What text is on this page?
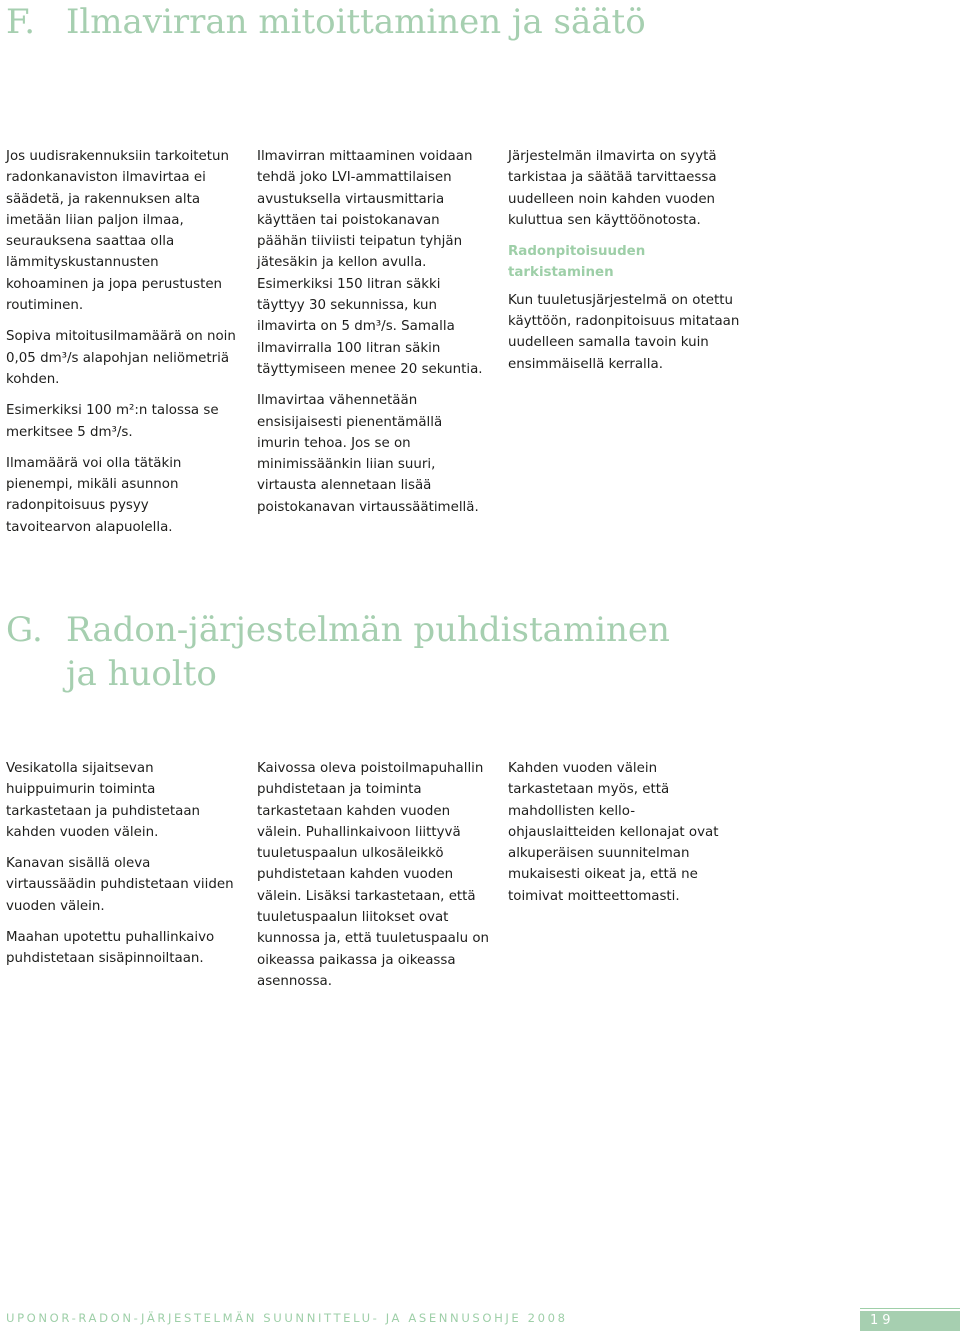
F. Ilmavirran mitoittaminen ja säätö

Jos uudisrakennuksiin tarkoitetun radonkanaviston ilmavirtaa ei säädetä, ja rakennuksen alta imetään liian paljon ilmaa, seurauksena saattaa olla lämmityskustannusten kohoaminen ja jopa perustusten routiminen.

Sopiva mitoitusilmamäärä on noin 0,05 dm³/s alapohjan neliömetriä kohden.

Esimerkiksi 100 m²:n talossa se merkitsee 5 dm³/s.

Ilmamäärä voi olla tätäkin pienempi, mikäli asunnon radonpitoisuus pysyy tavoitearvon alapuolella.

Ilmavirran mittaaminen voidaan tehdä joko LVI-ammattilaisen avustuksella virtausmittaria käyttäen tai poistokanavan päähän tiiviisti teipatun tyhjän jätesäkin ja kellon avulla. Esimerkiksi 150 litran säkki täyttyy 30 sekunnissa, kun ilmavirta on 5 dm³/s. Samalla ilmavirralla 100 litran säkin täyttymiseen menee 20 sekuntia.

Ilmavirtaa vähennetään ensisijaisesti pienentämällä imurin tehoa. Jos se on minimissäänkin liian suuri, virtausta alennetaan lisää poistokanavan virtaussäätimellä.

Järjestelmän ilmavirta on syytä tarkistaa ja säätää tarvittaessa uudelleen noin kahden vuoden kuluttua sen käyttöönotosta.

Radonpitoisuuden tarkistaminen

Kun tuuletusjärjestelmä on otettu käyttöön, radonpitoisuus mitataan uudelleen samalla tavoin kuin ensimmäisellä kerralla.

G. Radon-järjestelmän puhdistaminen
ja huolto

Vesikatolla sijaitsevan huippuimurin toiminta tarkastetaan ja puhdistetaan kahden vuoden välein.

Kanavan sisällä oleva virtaussäädin puhdistetaan viiden vuoden välein.

Maahan upotettu puhallinkaivo puhdistetaan sisäpinnoiltaan.

Kaivossa oleva poistoilmapuhallin puhdistetaan ja toiminta tarkastetaan kahden vuoden välein. Puhallinkaivoon liittyvä tuuletuspaalun ulkosäleikkö puhdistetaan kahden vuoden välein. Lisäksi tarkastetaan, että tuuletuspaalun liitokset ovat kunnossa ja, että tuuletuspaalu on oikeassa paikassa ja oikeassa asennossa.

Kahden vuoden välein tarkastetaan myös, että mahdollisten kello-ohjauslaitteiden kellonajat ovat alkuperäisen suunnitelman mukaisesti oikeat ja, että ne toimivat moitteettomasti.

UPONOR-RADON-JÄRJESTELMÄN SUUNNITTELU- JA ASENNUSOHJE 2008	19
